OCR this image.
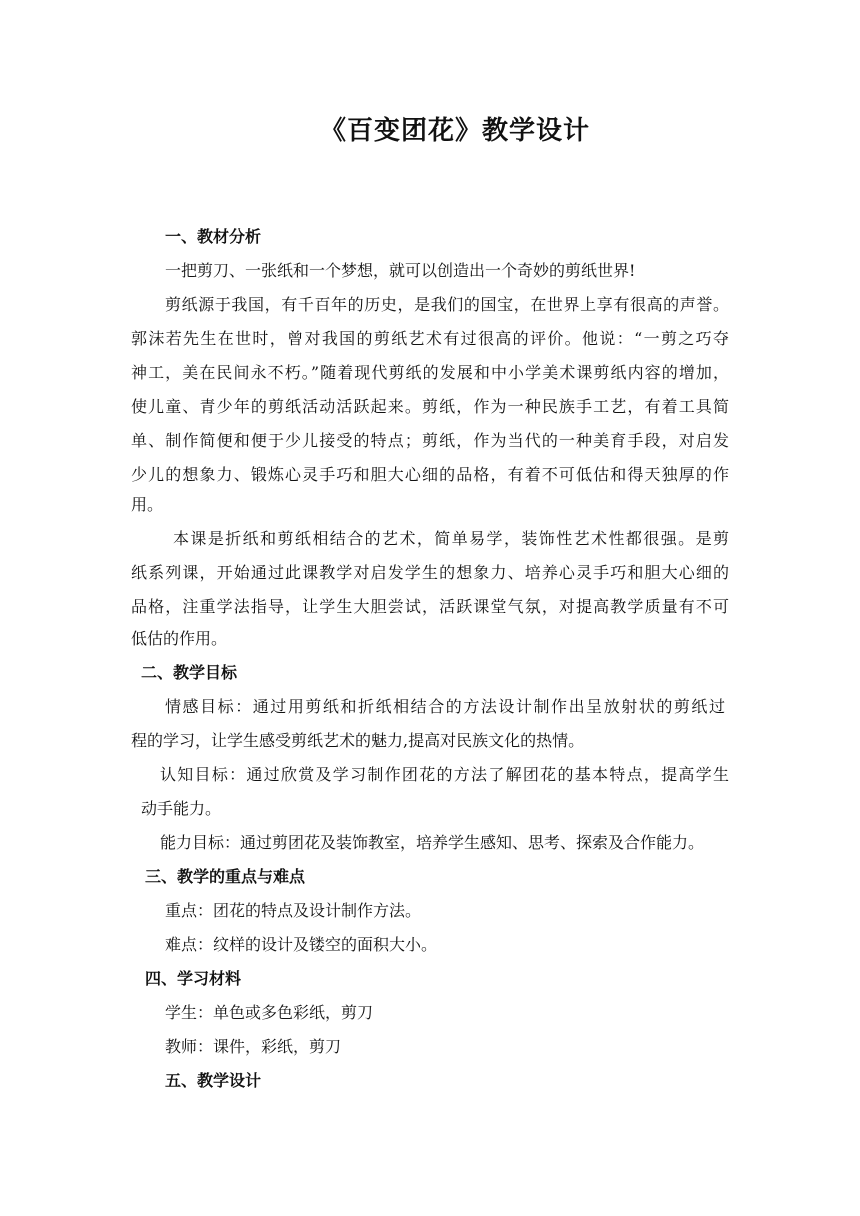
《百变团花》教学设计
一、教材分析
一把剪刀、一张纸和一个梦想，就可以创造出一个奇妙的剪纸世界!
剪纸源于我国，有千百年的历史，是我们的国宝，在世界上享有很高的声誉。
郭沫若先生在世时，曾对我国的剪纸艺术有过很高的评价。他说：“一剪之巧夺
神工，美在民间永不朽。”随着现代剪纸的发展和中小学美术课剪纸内容的增加，
使儿童、青少年的剪纸活动活跃起来。剪纸，作为一种民族手工艺，有着工具简
单、制作简便和便于少儿接受的特点；剪纸，作为当代的一种美育手段，对启发
少儿的想象力、锻炼心灵手巧和胆大心细的品格，有着不可低估和得天独厚的作
用。
本课是折纸和剪纸相结合的艺术，简单易学，装饰性艺术性都很强。是剪
纸系列课，开始通过此课教学对启发学生的想象力、培养心灵手巧和胆大心细的
品格，注重学法指导，让学生大胆尝试，活跃课堂气氛，对提高教学质量有不可
低估的作用。
二、教学目标
情感目标：通过用剪纸和折纸相结合的方法设计制作出呈放射状的剪纸过
程的学习，让学生感受剪纸艺术的魅力,提高对民族文化的热情。
认知目标：通过欣赏及学习制作团花的方法了解团花的基本特点，提高学生
动手能力。
能力目标：通过剪团花及装饰教室，培养学生感知、思考、探索及合作能力。
三、教学的重点与难点
重点：团花的特点及设计制作方法。
难点：纹样的设计及镂空的面积大小。
四、学习材料
学生：单色或多色彩纸，剪刀
教师：课件，彩纸，剪刀
五、教学设计
